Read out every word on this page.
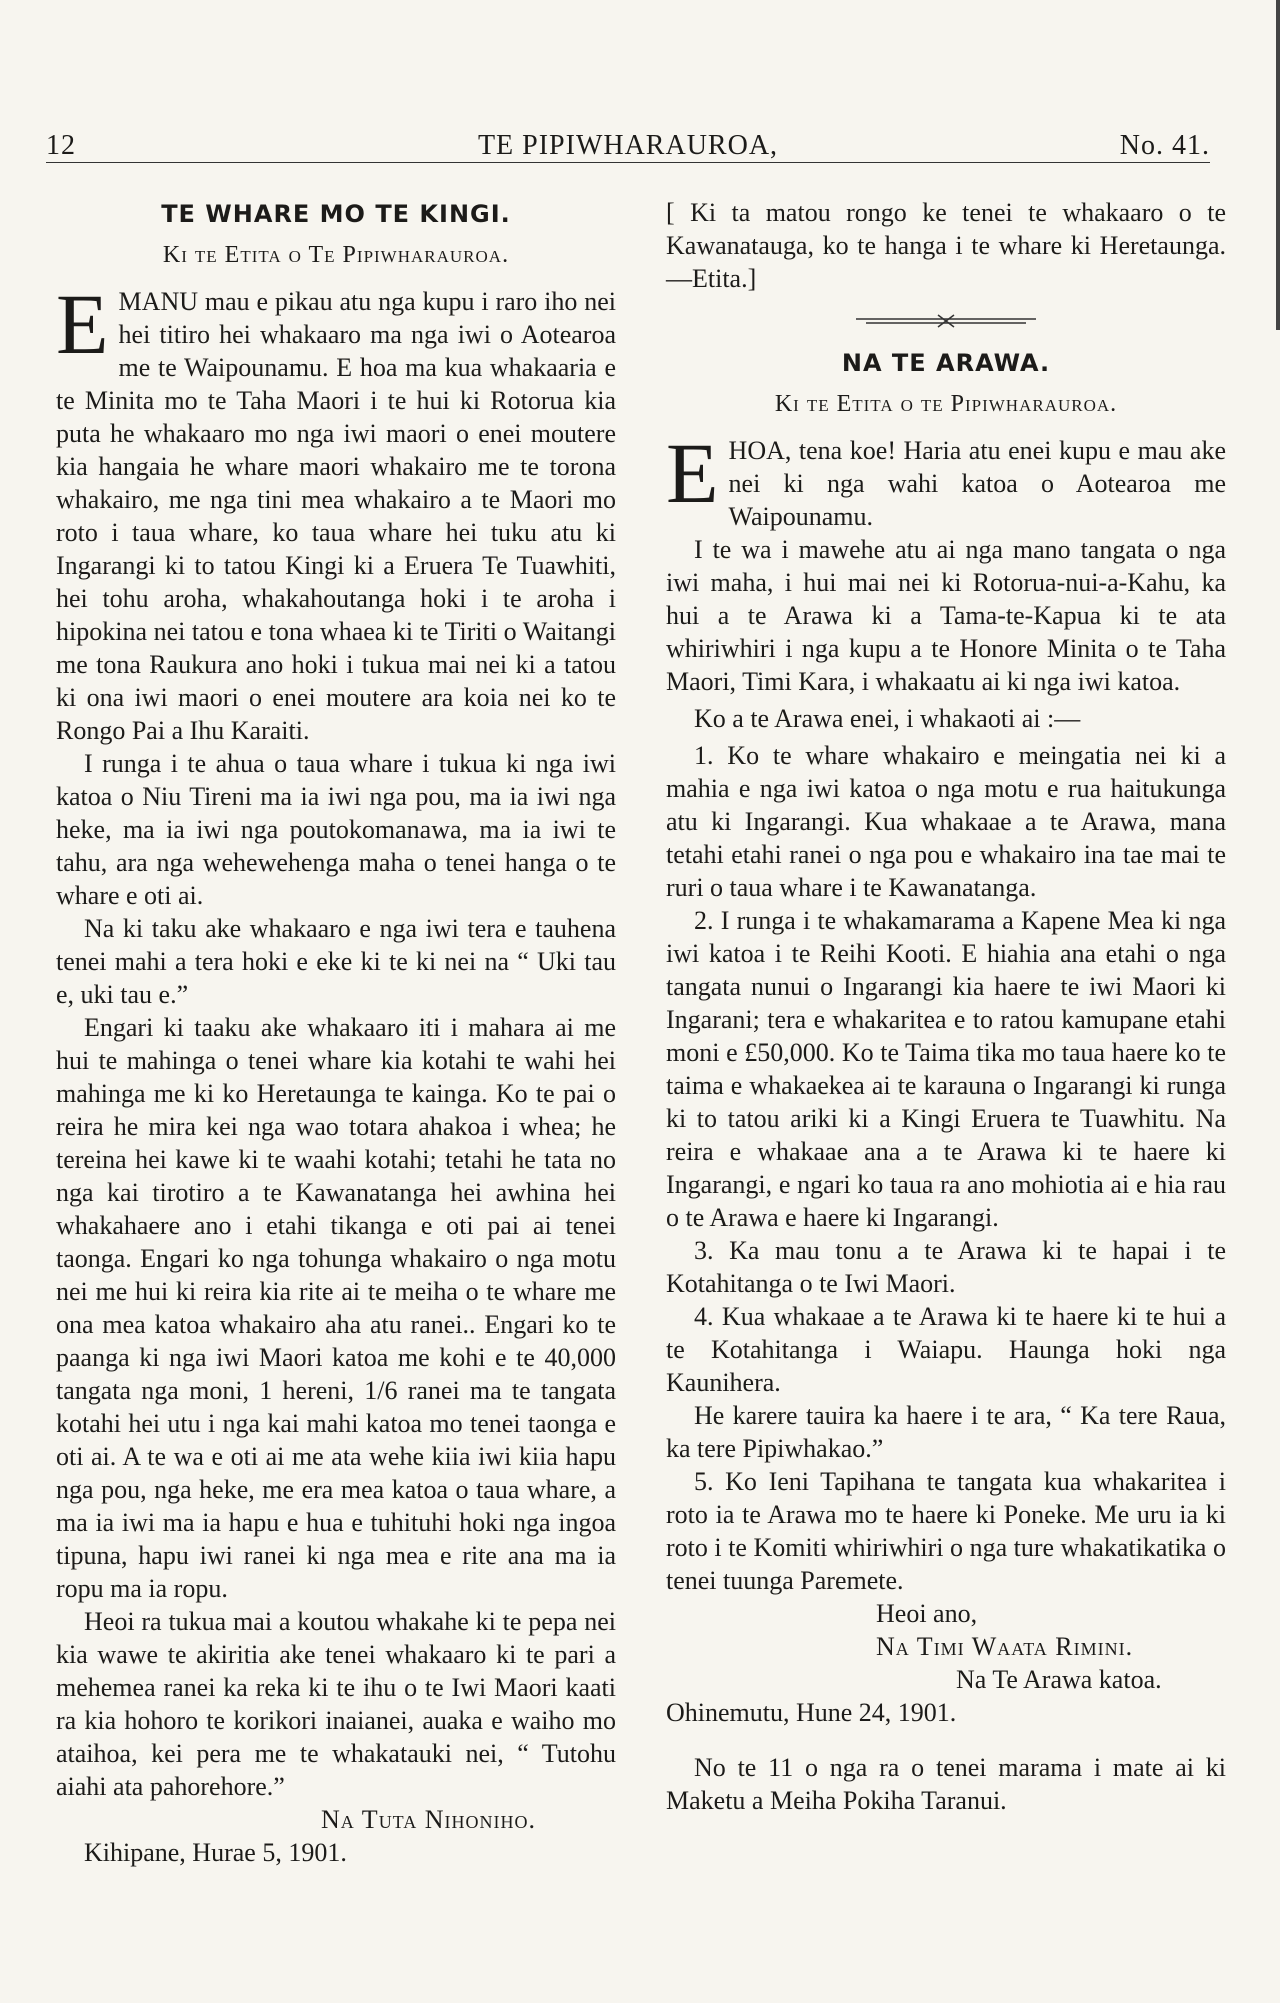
12	TE PIPIWHARAUROA,	No. 41.
TE WHARE MO TE KINGI.
Ki te Etita o Te Pipiwharauroa.

EMANU mau e pikau atu nga kupu i raro iho nei hei titiro hei whakaaro ma nga iwi o Aotearoa me te Waipounamu. E hoa ma kua whakaaria e te Minita mo te Taha Maori i te hui ki Rotorua kia puta he whakaaro mo nga iwi maori o enei moutere kia hangaia he whare maori whakairo me te torona whakairo, me nga tini mea whakairo a te Maori mo roto i taua whare, ko taua whare hei tuku atu ki Ingarangi ki to tatou Kingi ki a Eruera Te Tuawhiti, hei tohu aroha, whakahoutanga hoki i te aroha i hipokina nei tatou e tona whaea ki te Tiriti o Waitangi me tona Raukura ano hoki i tukua mai nei ki a tatou ki ona iwi maori o enei moutere ara koia nei ko te Rongo Pai a Ihu Karaiti.

I runga i te ahua o taua whare i tukua ki nga iwi katoa o Niu Tireni ma ia iwi nga pou, ma ia iwi nga heke, ma ia iwi nga poutokomanawa, ma ia iwi te tahu, ara nga wehewehenga maha o tenei hanga o te whare e oti ai.

Na ki taku ake whakaaro e nga iwi tera e tauhena tenei mahi a tera hoki e eke ki te ki nei na “ Uki tau e, uki tau e.”

Engari ki taaku ake whakaaro iti i mahara ai me hui te mahinga o tenei whare kia kotahi te wahi hei mahinga me ki ko Heretaunga te kainga. Ko te pai o reira he mira kei nga wao totara ahakoa i whea; he tereina hei kawe ki te waahi kotahi; tetahi he tata no nga kai tirotiro a te Kawanatanga hei awhina hei whakahaere ano i etahi tikanga e oti pai ai tenei taonga. Engari ko nga tohunga whakairo o nga motu nei me hui ki reira kia rite ai te meiha o te whare me ona mea katoa whakairo aha atu ranei.. Engari ko te paanga ki nga iwi Maori katoa me kohi e te 40,000 tangata nga moni, 1 hereni, 1/6 ranei ma te tangata kotahi hei utu i nga kai mahi katoa mo tenei taonga e oti ai. A te wa e oti ai me ata wehe kiia iwi kiia hapu nga pou, nga heke, me era mea katoa o taua whare, a ma ia iwi ma ia hapu e hua e tuhituhi hoki nga ingoa tipuna, hapu iwi ranei ki nga mea e rite ana ma ia ropu ma ia ropu.

Heoi ra tukua mai a koutou whakahe ki te pepa nei kia wawe te akiritia ake tenei whakaaro ki te pari a mehemea ranei ka reka ki te ihu o te Iwi Maori kaati ra kia hohoro te korikori inaianei, auaka e waiho mo ataihoa, kei pera me te whakatauki nei, “ Tutohu aiahi ata pahorehore.”

Na Tuta Nihoniho.
Kihipane, Hurae 5, 1901.

[ Ki ta matou rongo ke tenei te whakaaro o te Kawanatauga, ko te hanga i te whare ki Heretaunga.—Etita.]

NA TE ARAWA.
Ki te Etita o te Pipiwharauroa.

EHOA, tena koe! Haria atu enei kupu e mau ake nei ki nga wahi katoa o Aotearoa me Waipounamu.

I te wa i mawehe atu ai nga mano tangata o nga iwi maha, i hui mai nei ki Rotorua-nui-a-Kahu, ka hui a te Arawa ki a Tama-te-Kapua ki te ata whiriwhiri i nga kupu a te Honore Minita o te Taha Maori, Timi Kara, i whakaatu ai ki nga iwi katoa.

Ko a te Arawa enei, i whakaoti ai :—

1. Ko te whare whakairo e meingatia nei ki a mahia e nga iwi katoa o nga motu e rua haitukunga atu ki Ingarangi. Kua whakaae a te Arawa, mana tetahi etahi ranei o nga pou e whakairo ina tae mai te ruri o taua whare i te Kawanatanga.

2. I runga i te whakamarama a Kapene Mea ki nga iwi katoa i te Reihi Kooti. E hiahia ana etahi o nga tangata nunui o Ingarangi kia haere te iwi Maori ki Ingarani; tera e whakaritea e to ratou kamupane etahi moni e £50,000. Ko te Taima tika mo taua haere ko te taima e whakaekea ai te karauna o Ingarangi ki runga ki to tatou ariki ki a Kingi Eruera te Tuawhitu. Na reira e whakaae ana a te Arawa ki te haere ki Ingarangi, e ngari ko taua ra ano mohiotia ai e hia rau o te Arawa e haere ki Ingarangi.

3. Ka mau tonu a te Arawa ki te hapai i te Kotahitanga o te Iwi Maori.

4. Kua whakaae a te Arawa ki te haere ki te hui a te Kotahitanga i Waiapu. Haunga hoki nga Kaunihera.

He karere tauira ka haere i te ara, “ Ka tere Raua, ka tere Pipiwhakao.”

5. Ko Ieni Tapihana te tangata kua whakaritea i roto ia te Arawa mo te haere ki Poneke. Me uru ia ki roto i te Komiti whiriwhiri o nga ture whakatikatika o tenei tuunga Paremete.

Heoi ano,
Na Timi Waata Rimini.
Na Te Arawa katoa.
Ohinemutu, Hune 24, 1901.

No te 11 o nga ra o tenei marama i mate ai ki Maketu a Meiha Pokiha Taranui.
